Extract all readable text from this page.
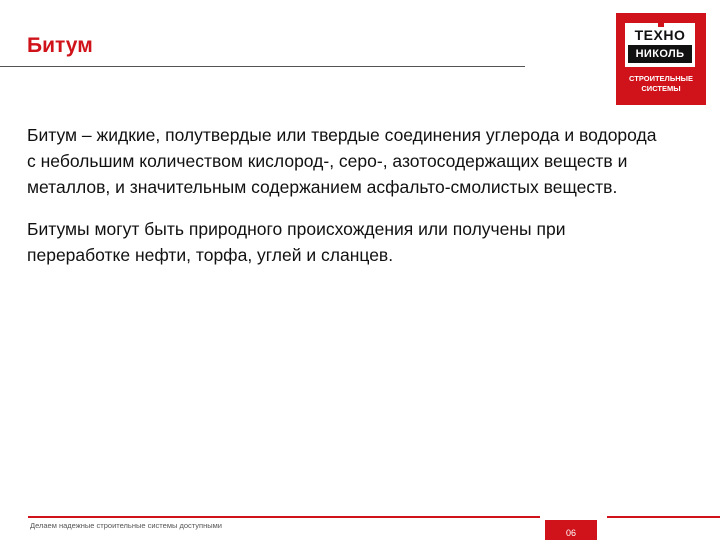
Битум	ТЕХНО
НИКОЛЬ
СТРОИТЕЛЬНЫЕ
СИСТЕМЫ

Битум – жидкие, полутвердые или твердые соединения углерода и водорода с небольшим количеством кислород-, серо-, азотосодержащих веществ и металлов, и значительным содержанием асфальто-смолистых веществ.

Битумы могут быть природного происхождения или получены при переработке нефти, торфа, углей и сланцев.

Делаем надежные строительные системы доступными
06
